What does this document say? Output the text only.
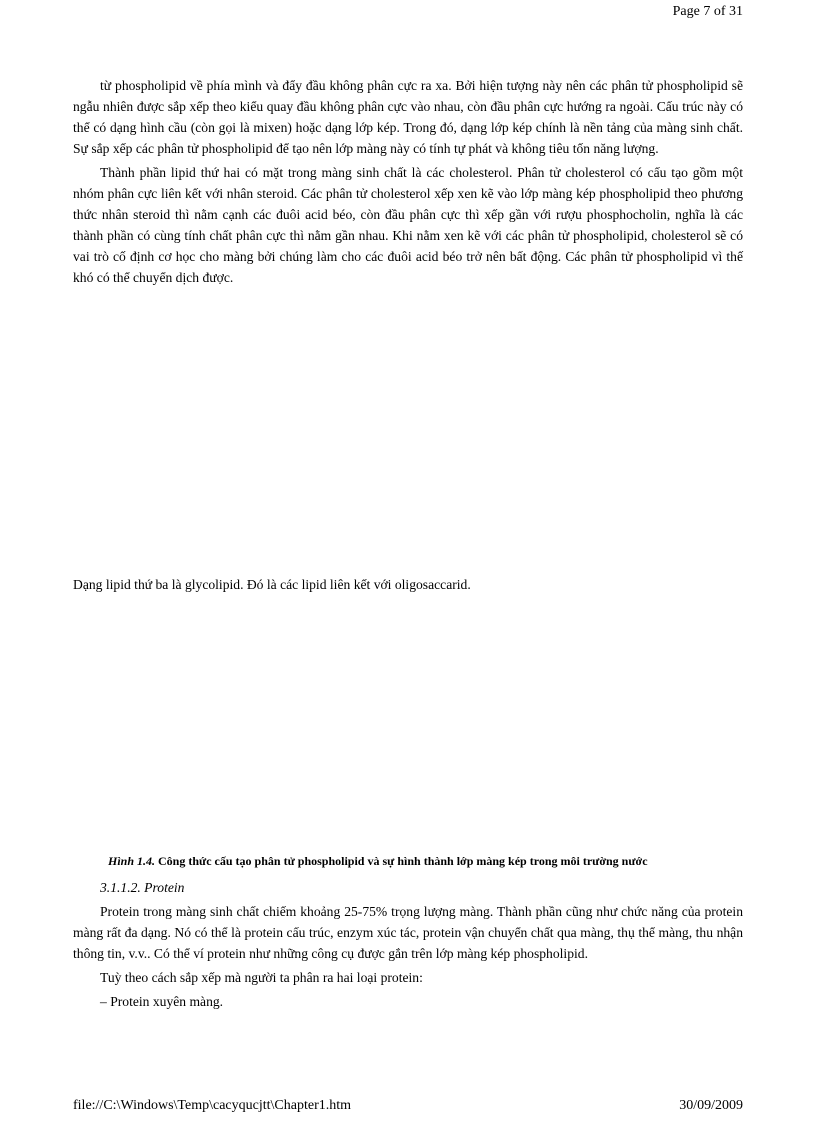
Page 7 of 31

từ phospholipid về phía mình và đẩy đầu không phân cực ra xa. Bởi hiện tượng này nên các phân tử phospholipid sẽ ngẫu nhiên được sắp xếp theo kiểu quay đầu không phân cực vào nhau, còn đầu phân cực hướng ra ngoài. Cấu trúc này có thể có dạng hình cầu (còn gọi là mixen) hoặc dạng lớp kép. Trong đó, dạng lớp kép chính là nền tảng của màng sinh chất. Sự sắp xếp các phân tử phospholipid để tạo nên lớp màng này có tính tự phát và không tiêu tốn năng lượng.

Thành phần lipid thứ hai có mặt trong màng sinh chất là các cholesterol. Phân tử cholesterol có cấu tạo gồm một nhóm phân cực liên kết với nhân steroid. Các phân tử cholesterol xếp xen kẽ vào lớp màng kép phospholipid theo phương thức nhân steroid thì nằm cạnh các đuôi acid béo, còn đầu phân cực thì xếp gần với rượu phosphocholin, nghĩa là các thành phần có cùng tính chất phân cực thì nằm gần nhau. Khi nằm xen kẽ với các phân tử phospholipid, cholesterol sẽ có vai trò cố định cơ học cho màng bởi chúng làm cho các đuôi acid béo trở nên bất động. Các phân tử phospholipid vì thế khó có thể chuyển dịch được.

Dạng lipid thứ ba là glycolipid. Đó là các lipid liên kết với oligosaccarid.
Hình 1.4. Công thức cấu tạo phân tử phospholipid và sự hình thành lớp màng kép trong môi trường nước

3.1.1.2. Protein

Protein trong màng sinh chất chiếm khoảng 25-75% trọng lượng màng. Thành phần cũng như chức năng của protein màng rất đa dạng. Nó có thể là protein cấu trúc, enzym xúc tác, protein vận chuyển chất qua màng, thụ thể màng, thu nhận thông tin, v.v.. Có thể ví protein như những công cụ được gắn trên lớp màng kép phospholipid.

Tuỳ theo cách sắp xếp mà người ta phân ra hai loại protein:

– Protein xuyên màng.

file://C:\Windows\Temp\cacyqucjtt\Chapter1.htm	30/09/2009
